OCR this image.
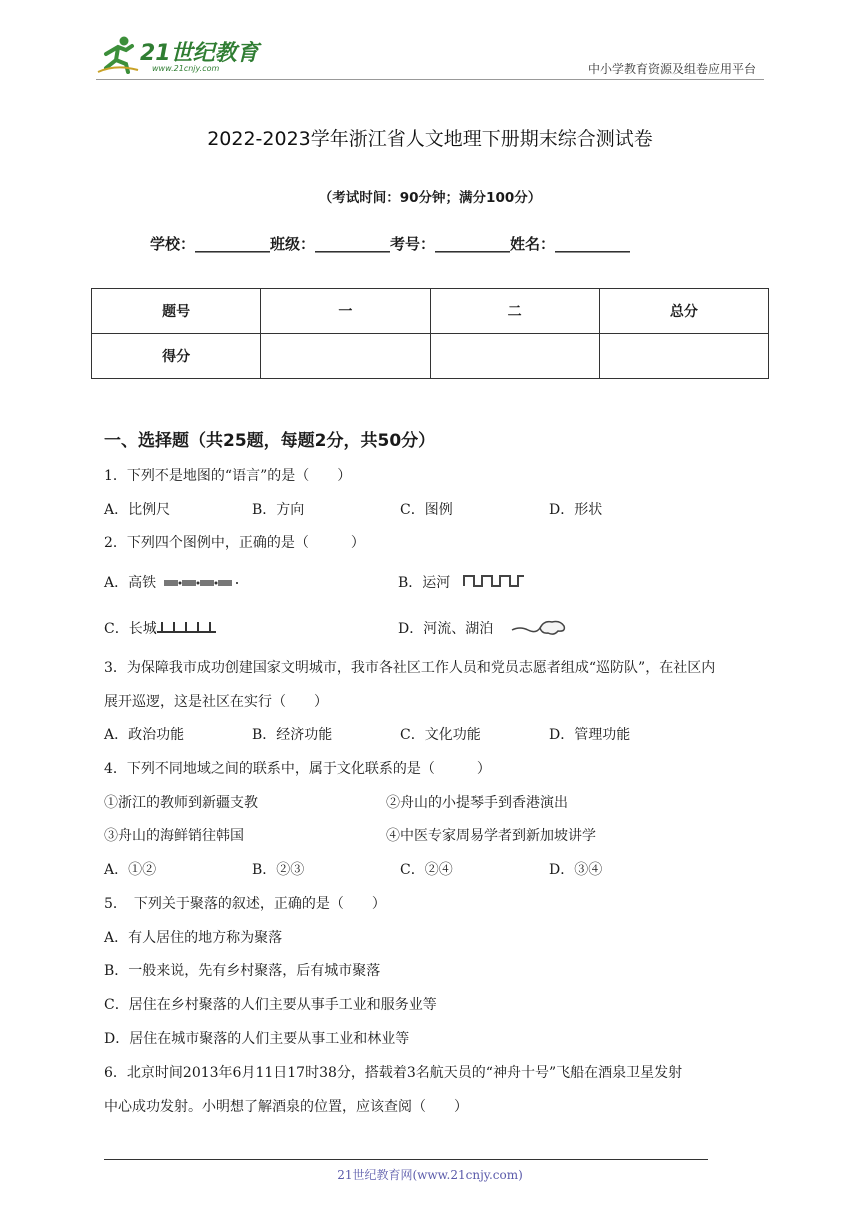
21世纪教育
www.21cnjy.com	中小学教育资源及组卷应用平台
2022-2023学年浙江省人文地理下册期末综合测试卷
（考试时间：90分钟；满分100分）
学校：__________班级：__________考号：__________姓名：__________
题号	一	二	总分
得分			
一、选择题（共25题，每题2分，共50分）
1．下列不是地图的“语言”的是（　　）
A．比例尺	B．方向	C．图例	D．形状
2．下列四个图例中，正确的是（　　　）
A．高铁	B．运河
C．长城	D．河流、湖泊
3．为保障我市成功创建国家文明城市，我市各社区工作人员和党员志愿者组成“巡防队”，在社区内
展开巡逻，这是社区在实行（　　）
A．政治功能	B．经济功能	C．文化功能	D．管理功能
4．下列不同地域之间的联系中，属于文化联系的是（　　　）
①浙江的教师到新疆支教	②舟山的小提琴手到香港演出
③舟山的海鲜销往韩国	④中医专家周易学者到新加坡讲学
A．①②	B．②③	C．②④	D．③④
5．　下列关于聚落的叙述，正确的是（　　）
A．有人居住的地方称为聚落
B．一般来说，先有乡村聚落，后有城市聚落
C．居住在乡村聚落的人们主要从事手工业和服务业等
D．居住在城市聚落的人们主要从事工业和林业等
6．北京时间2013年6月11日17时38分，搭载着3名航天员的“神舟十号”飞船在酒泉卫星发射
中心成功发射。小明想了解酒泉的位置，应该查阅（　　）
21世纪教育网(www.21cnjy.com)
